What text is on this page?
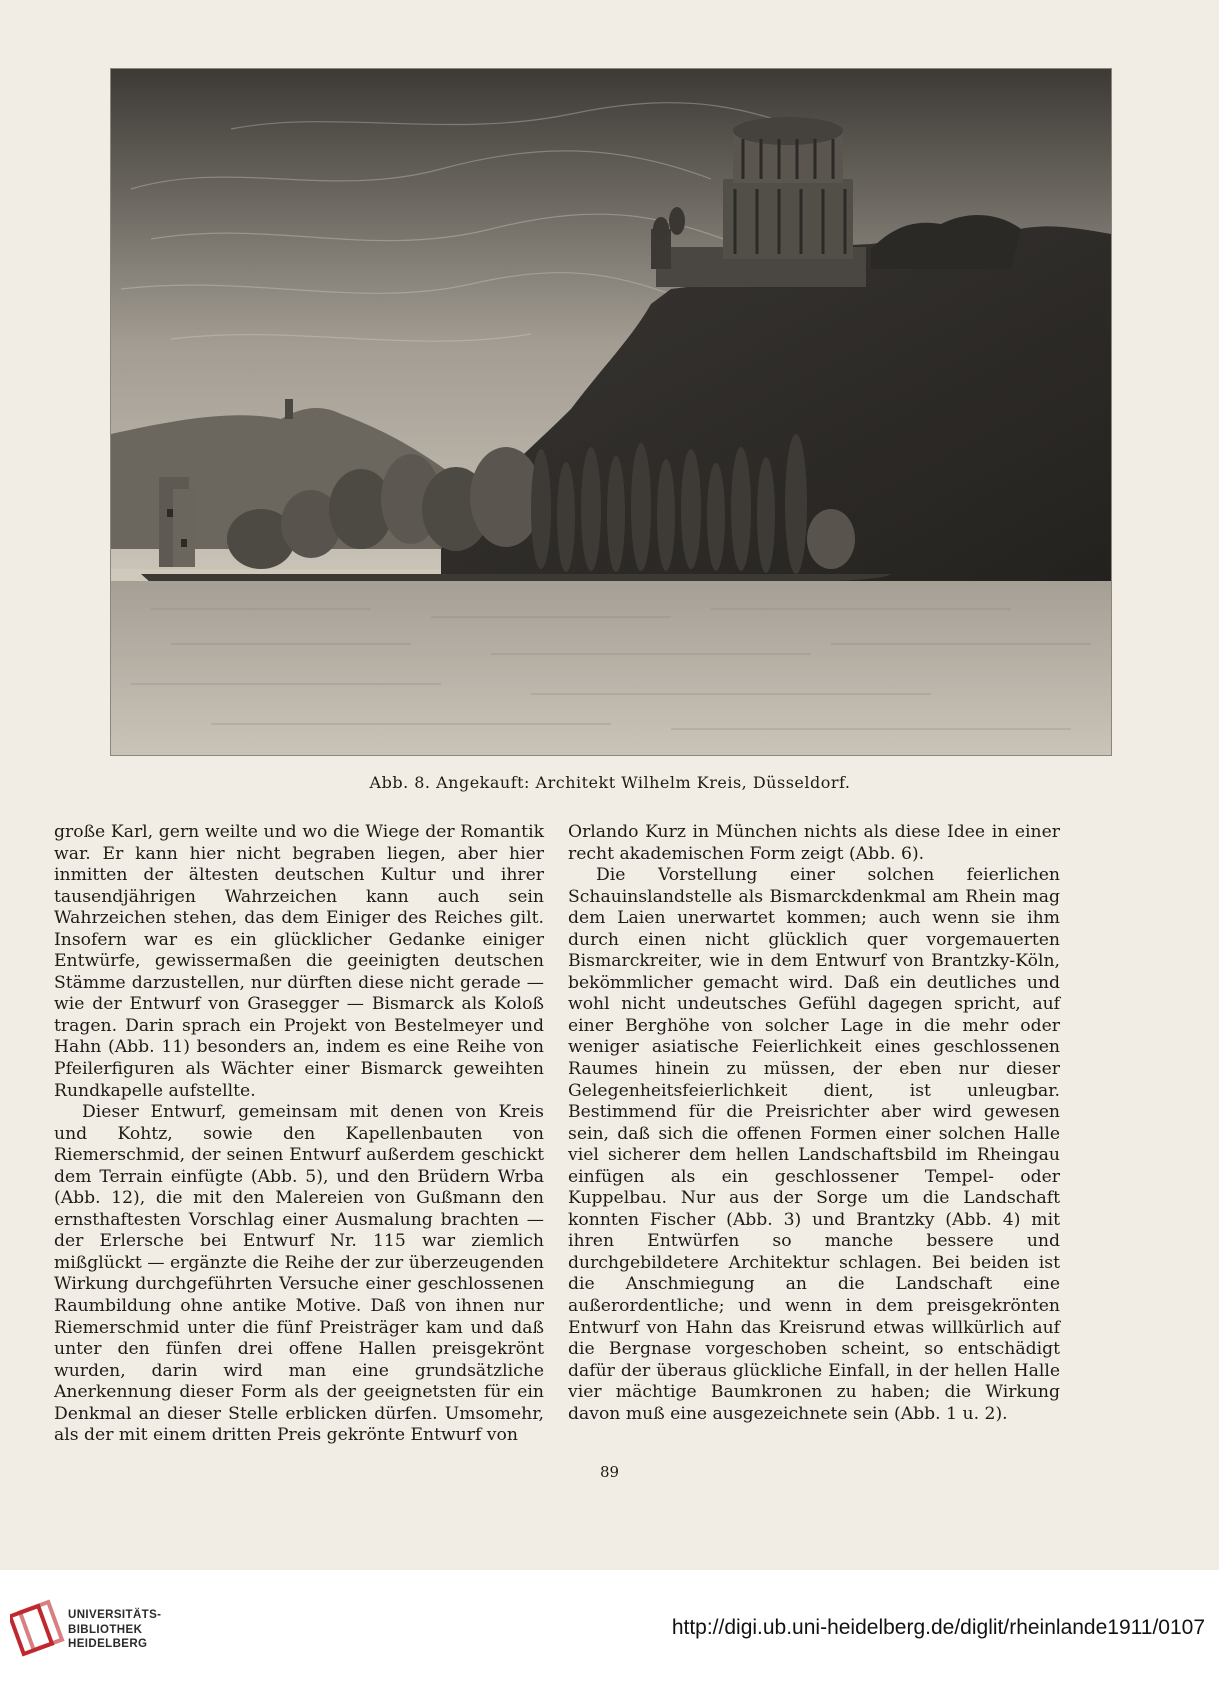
Abb. 8. Angekauft: Architekt Wilhelm Kreis, Düsseldorf.

große Karl, gern weilte und wo die Wiege der Romantik war. Er kann hier nicht begraben liegen, aber hier inmitten der ältesten deutschen Kultur und ihrer tausendjährigen Wahrzeichen kann auch sein Wahrzeichen stehen, das dem Einiger des Reiches gilt. Insofern war es ein glücklicher Gedanke einiger Entwürfe, gewissermaßen die geeinigten deutschen Stämme darzustellen, nur dürften diese nicht gerade — wie der Entwurf von Grasegger — Bismarck als Koloß tragen. Darin sprach ein Projekt von Bestelmeyer und Hahn (Abb. 11) besonders an, indem es eine Reihe von Pfeilerfiguren als Wächter einer Bismarck geweihten Rundkapelle aufstellte.

Dieser Entwurf, gemeinsam mit denen von Kreis und Kohtz, sowie den Kapellenbauten von Riemerschmid, der seinen Entwurf außerdem geschickt dem Terrain einfügte (Abb. 5), und den Brüdern Wrba (Abb. 12), die mit den Malereien von Gußmann den ernsthaftesten Vorschlag einer Ausmalung brachten — der Erlersche bei Entwurf Nr. 115 war ziemlich mißglückt — ergänzte die Reihe der zur überzeugenden Wirkung durchgeführten Versuche einer geschlossenen Raumbildung ohne antike Motive. Daß von ihnen nur Riemerschmid unter die fünf Preisträger kam und daß unter den fünfen drei offene Hallen preisgekrönt wurden, darin wird man eine grundsätzliche Anerkennung dieser Form als der geeignetsten für ein Denkmal an dieser Stelle erblicken dürfen. Umsomehr, als der mit einem dritten Preis gekrönte Entwurf von

Orlando Kurz in München nichts als diese Idee in einer recht akademischen Form zeigt (Abb. 6).

Die Vorstellung einer solchen feierlichen Schauinslandstelle als Bismarckdenkmal am Rhein mag dem Laien unerwartet kommen; auch wenn sie ihm durch einen nicht glücklich quer vorgemauerten Bismarckreiter, wie in dem Entwurf von Brantzky-Köln, bekömmlicher gemacht wird. Daß ein deutliches und wohl nicht undeutsches Gefühl dagegen spricht, auf einer Berghöhe von solcher Lage in die mehr oder weniger asiatische Feierlichkeit eines geschlossenen Raumes hinein zu müssen, der eben nur dieser Gelegenheitsfeierlichkeit dient, ist unleugbar. Bestimmend für die Preisrichter aber wird gewesen sein, daß sich die offenen Formen einer solchen Halle viel sicherer dem hellen Landschaftsbild im Rheingau einfügen als ein geschlossener Tempel- oder Kuppelbau. Nur aus der Sorge um die Landschaft konnten Fischer (Abb. 3) und Brantzky (Abb. 4) mit ihren Entwürfen so manche bessere und durchgebildetere Architektur schlagen. Bei beiden ist die Anschmiegung an die Landschaft eine außerordentliche; und wenn in dem preisgekrönten Entwurf von Hahn das Kreisrund etwas willkürlich auf die Bergnase vorgeschoben scheint, so entschädigt dafür der überaus glückliche Einfall, in der hellen Halle vier mächtige Baumkronen zu haben; die Wirkung davon muß eine ausgezeichnete sein (Abb. 1 u. 2).

89
UNIVERSITÄTS-
BIBLIOTHEK
HEIDELBERG
http://digi.ub.uni-heidelberg.de/diglit/rheinlande1911/0107
